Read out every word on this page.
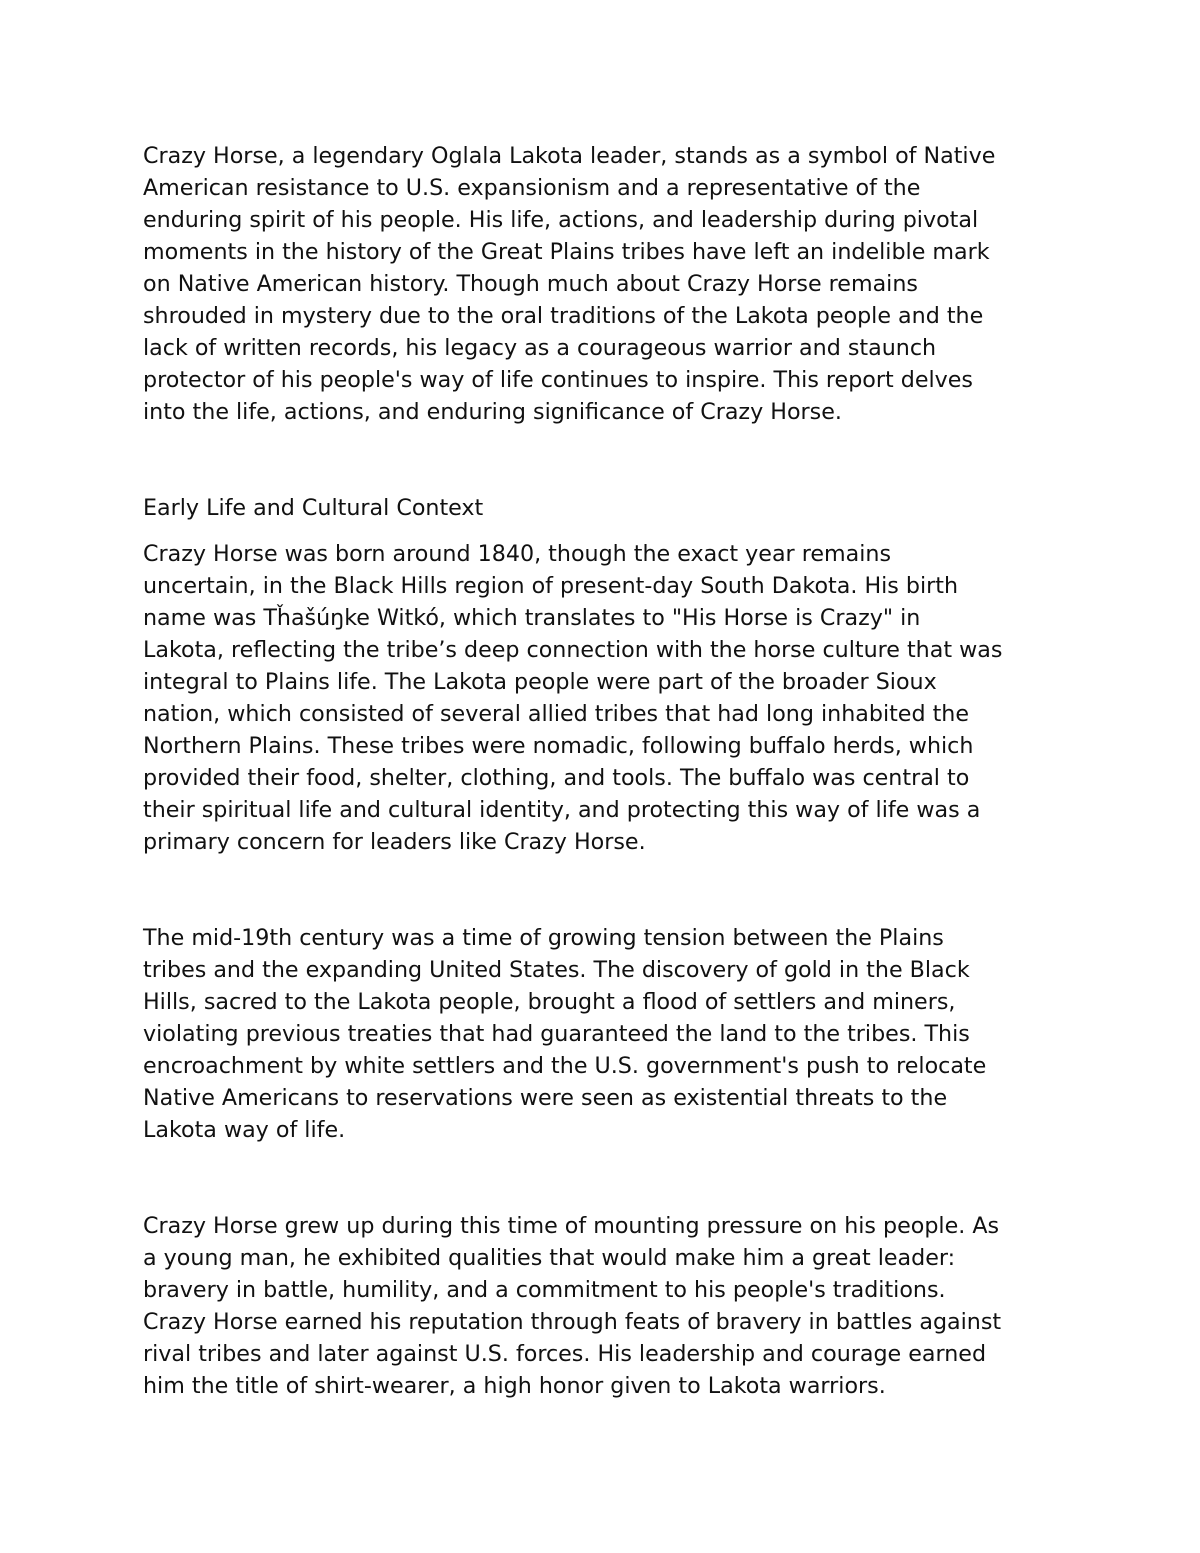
Crazy Horse, a legendary Oglala Lakota leader, stands as a symbol of Native
American resistance to U.S. expansionism and a representative of the
enduring spirit of his people. His life, actions, and leadership during pivotal
moments in the history of the Great Plains tribes have left an indelible mark
on Native American history. Though much about Crazy Horse remains
shrouded in mystery due to the oral traditions of the Lakota people and the
lack of written records, his legacy as a courageous warrior and staunch
protector of his people's way of life continues to inspire. This report delves
into the life, actions, and enduring significance of Crazy Horse.

Early Life and Cultural Context

Crazy Horse was born around 1840, though the exact year remains
uncertain, in the Black Hills region of present-day South Dakota. His birth
name was Tȟašúŋke Witkó, which translates to "His Horse is Crazy" in
Lakota, reflecting the tribe’s deep connection with the horse culture that was
integral to Plains life. The Lakota people were part of the broader Sioux
nation, which consisted of several allied tribes that had long inhabited the
Northern Plains. These tribes were nomadic, following buffalo herds, which
provided their food, shelter, clothing, and tools. The buffalo was central to
their spiritual life and cultural identity, and protecting this way of life was a
primary concern for leaders like Crazy Horse.

The mid-19th century was a time of growing tension between the Plains
tribes and the expanding United States. The discovery of gold in the Black
Hills, sacred to the Lakota people, brought a flood of settlers and miners,
violating previous treaties that had guaranteed the land to the tribes. This
encroachment by white settlers and the U.S. government's push to relocate
Native Americans to reservations were seen as existential threats to the
Lakota way of life.

Crazy Horse grew up during this time of mounting pressure on his people. As
a young man, he exhibited qualities that would make him a great leader:
bravery in battle, humility, and a commitment to his people's traditions.
Crazy Horse earned his reputation through feats of bravery in battles against
rival tribes and later against U.S. forces. His leadership and courage earned
him the title of shirt-wearer, a high honor given to Lakota warriors.
